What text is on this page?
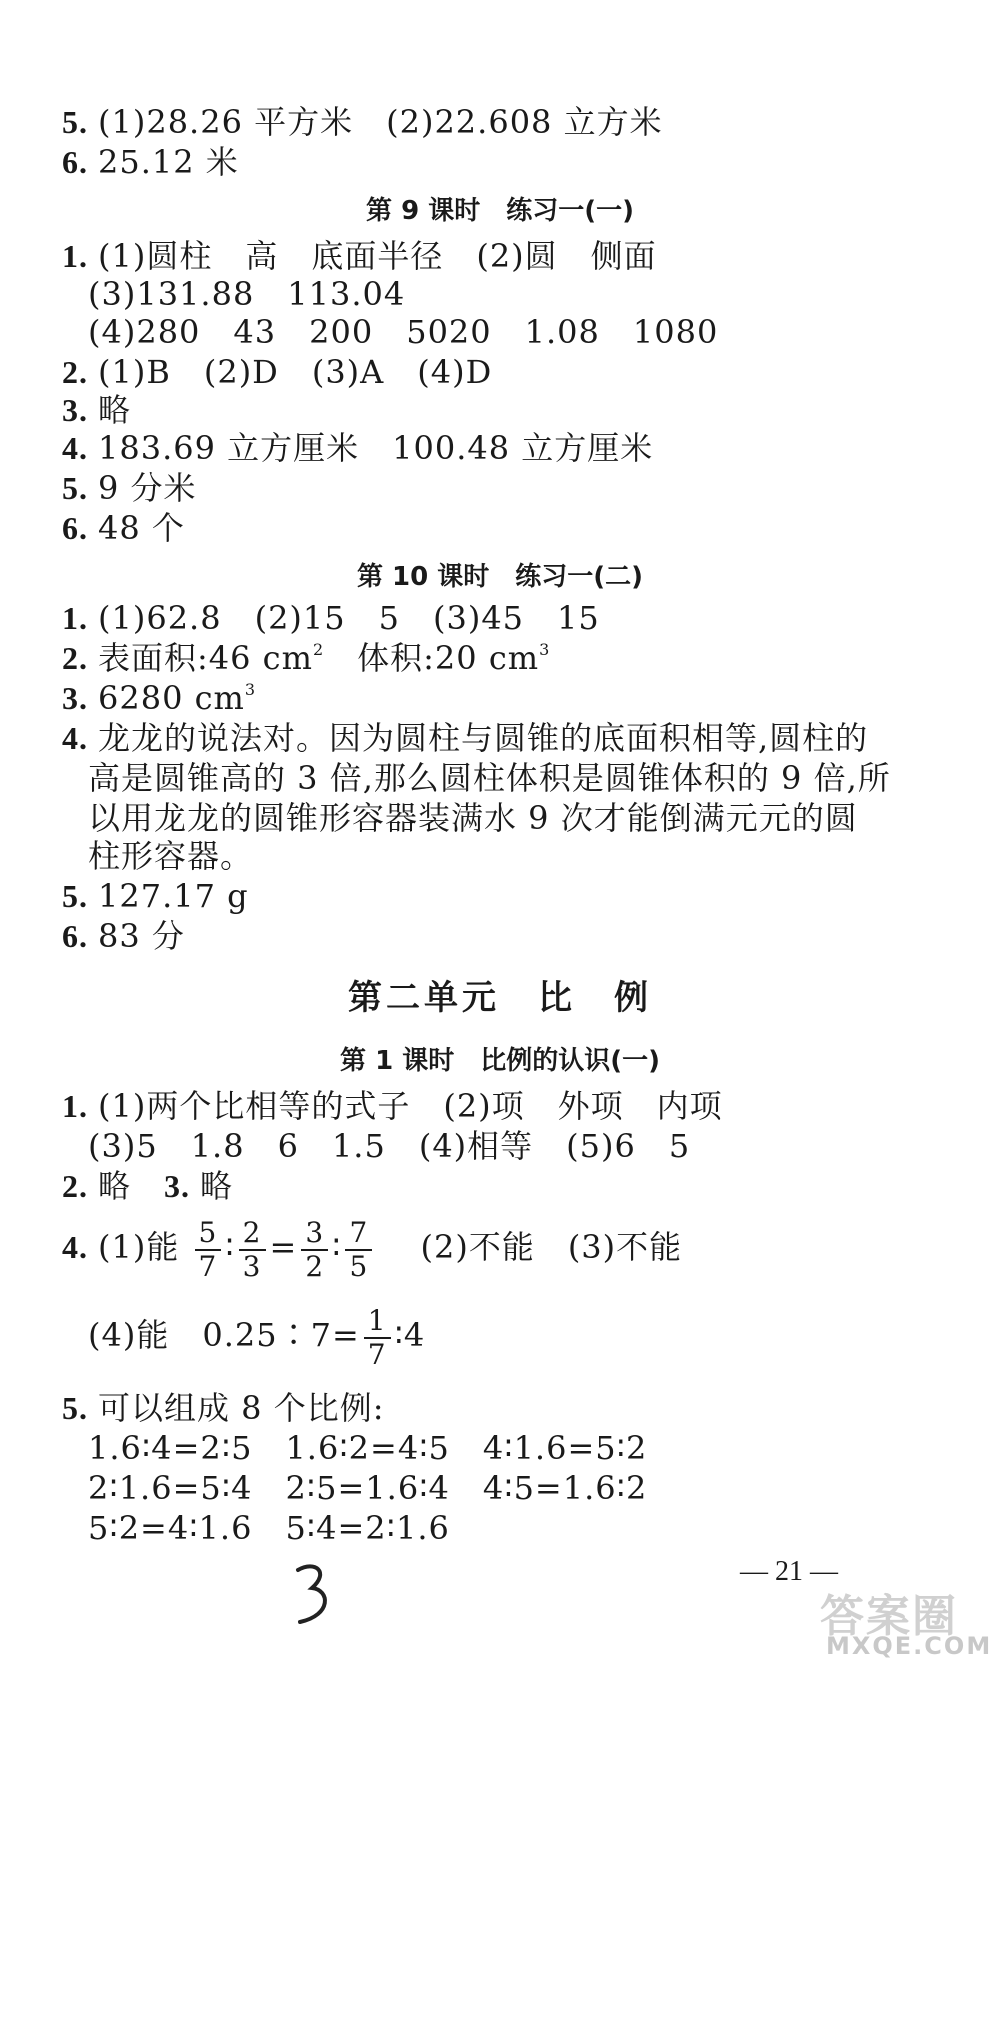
5. (1)28.26 平方米　(2)22.608 立方米
6. 25.12 米
第 9 课时　练习一(一)
1. (1)圆柱　高　底面半径　(2)圆　侧面
(3)131.88　113.04
(4)280　43　200　5020　1.08　1080
2. (1)B　(2)D　(3)A　(4)D
3. 略
4. 183.69 立方厘米　100.48 立方厘米
5. 9 分米
6. 48 个
第 10 课时　练习一(二)
1. (1)62.8　(2)15　5　(3)45　15
2. 表面积:46 $cm^2$　体积:20 $cm^3$
3. 6280 $cm^3$
4. 龙龙的说法对。因为圆柱与圆锥的底面积相等,圆柱的
高是圆锥高的 3 倍,那么圆柱体积是圆锥体积的 9 倍,所
以用龙龙的圆锥形容器装满水 9 次才能倒满元元的圆
柱形容器。
5. 127.17 g
6. 83 分
第二单元　比　例
第 1 课时　比例的认识(一)
1. (1)两个比相等的式子　(2)项　外项　内项
(3)5　1.8　6　1.5　(4)相等　(5)6　5
2. 略　 3. 略
4. (1)能 $\frac{5}{7}$ ∶ $\frac{2}{3} = \frac{3}{2}$ ∶ $\frac{7}{5}$
　 (2)不能　(3)不能
(4)能　0.25∶7= $\frac{1}{7}$ ∶4
5. 可以组成 8 个比例:
1.6∶4=2∶5　1.6∶2=4∶5　4∶1.6=5∶2
2∶1.6=5∶4　2∶5=1.6∶4　4∶5=1.6∶2
5∶2=4∶1.6　5∶4=2∶1.6
— 21 —
答案圈
MXQE.COM
